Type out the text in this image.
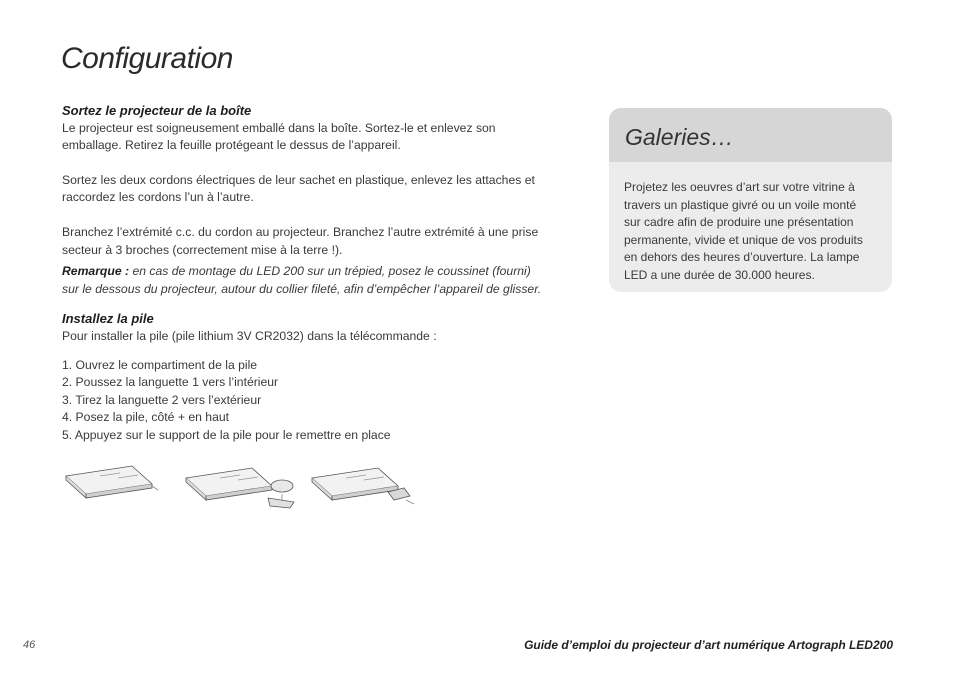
Configuration

Sortez le projecteur de la boîte

Le projecteur est soigneusement emballé dans la boîte. Sortez-le et enlevez son

emballage. Retirez la feuille protégeant le dessus de l’appareil.

Sortez les deux cordons électriques de leur sachet en plastique, enlevez les attaches et

raccordez les cordons l’un à l’autre.

Branchez l’extrémité c.c. du cordon au projecteur. Branchez l’autre extrémité à une prise

secteur à 3 broches (correctement mise à la terre !).

Remarque : en cas de montage du LED 200 sur un trépied, posez le coussinet (fourni)

sur le dessous du projecteur, autour du collier fileté, afin d’empêcher l’appareil de glisser.

Installez la pile

Pour installer la pile (pile lithium 3V CR2032) dans la télécommande :

1. Ouvrez le compartiment de la pile
2. Poussez la languette 1 vers l’intérieur
3. Tirez la languette 2 vers l’extérieur
4. Posez la pile, côté + en haut
5. Appuyez sur le support de la pile pour le remettre en place
Galeries…
Projetez les oeuvres d’art sur votre vitrine à
travers un plastique givré ou un voile monté
sur cadre afin de produire une présentation
permanente, vivide et unique de vos produits
en dehors des heures d’ouverture. La lampe
LED a une durée de 30.000 heures.
46	Guide d’emploi du projecteur d’art numérique Artograph LED200
